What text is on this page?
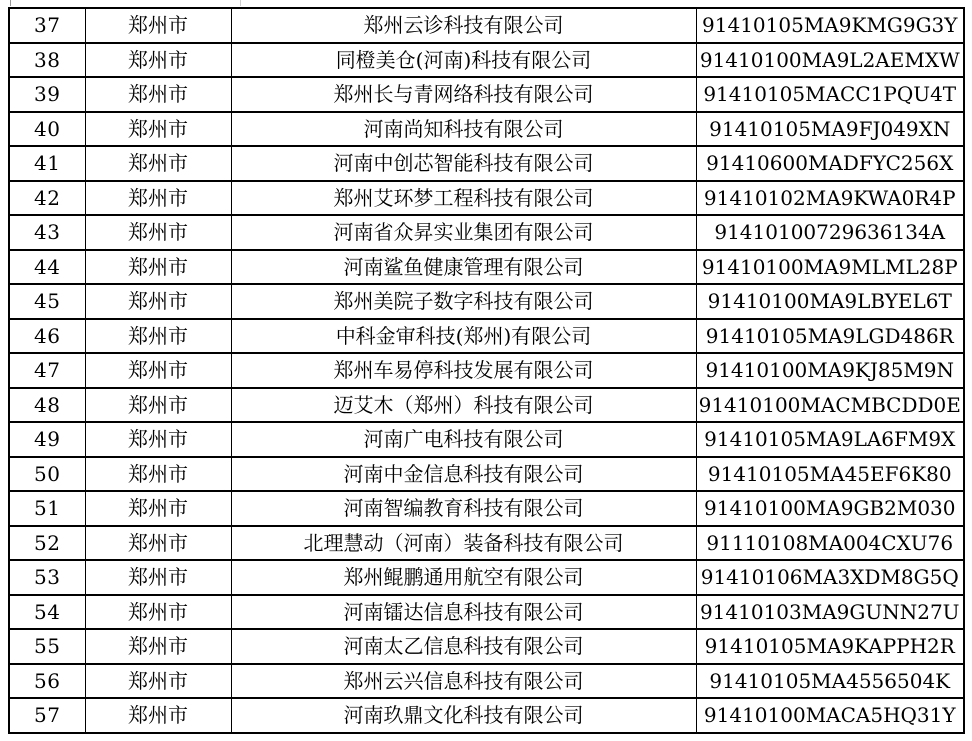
37	郑州市	郑州云诊科技有限公司	91410105MA9KMG9G3Y
38	郑州市	同橙美仓(河南)科技有限公司	91410100MA9L2AEMXW
39	郑州市	郑州长与青网络科技有限公司	91410105MACC1PQU4T
40	郑州市	河南尚知科技有限公司	91410105MA9FJ049XN
41	郑州市	河南中创芯智能科技有限公司	91410600MADFYC256X
42	郑州市	郑州艾环梦工程科技有限公司	91410102MA9KWA0R4P
43	郑州市	河南省众昇实业集团有限公司	91410100729636134A
44	郑州市	河南鲨鱼健康管理有限公司	91410100MA9MLML28P
45	郑州市	郑州美院子数字科技有限公司	91410100MA9LBYEL6T
46	郑州市	中科金审科技(郑州)有限公司	91410105MA9LGD486R
47	郑州市	郑州车易停科技发展有限公司	91410100MA9KJ85M9N
48	郑州市	迈艾木（郑州）科技有限公司	91410100MACMBCDD0E
49	郑州市	河南广电科技有限公司	91410105MA9LA6FM9X
50	郑州市	河南中金信息科技有限公司	91410105MA45EF6K80
51	郑州市	河南智编教育科技有限公司	91410100MA9GB2M030
52	郑州市	北理慧动（河南）装备科技有限公司	91110108MA004CXU76
53	郑州市	郑州鲲鹏通用航空有限公司	91410106MA3XDM8G5Q
54	郑州市	河南镭达信息科技有限公司	91410103MA9GUNN27U
55	郑州市	河南太乙信息科技有限公司	91410105MA9KAPPH2R
56	郑州市	郑州云兴信息科技有限公司	91410105MA4556504K
57	郑州市	河南玖鼎文化科技有限公司	91410100MACA5HQ31Y
